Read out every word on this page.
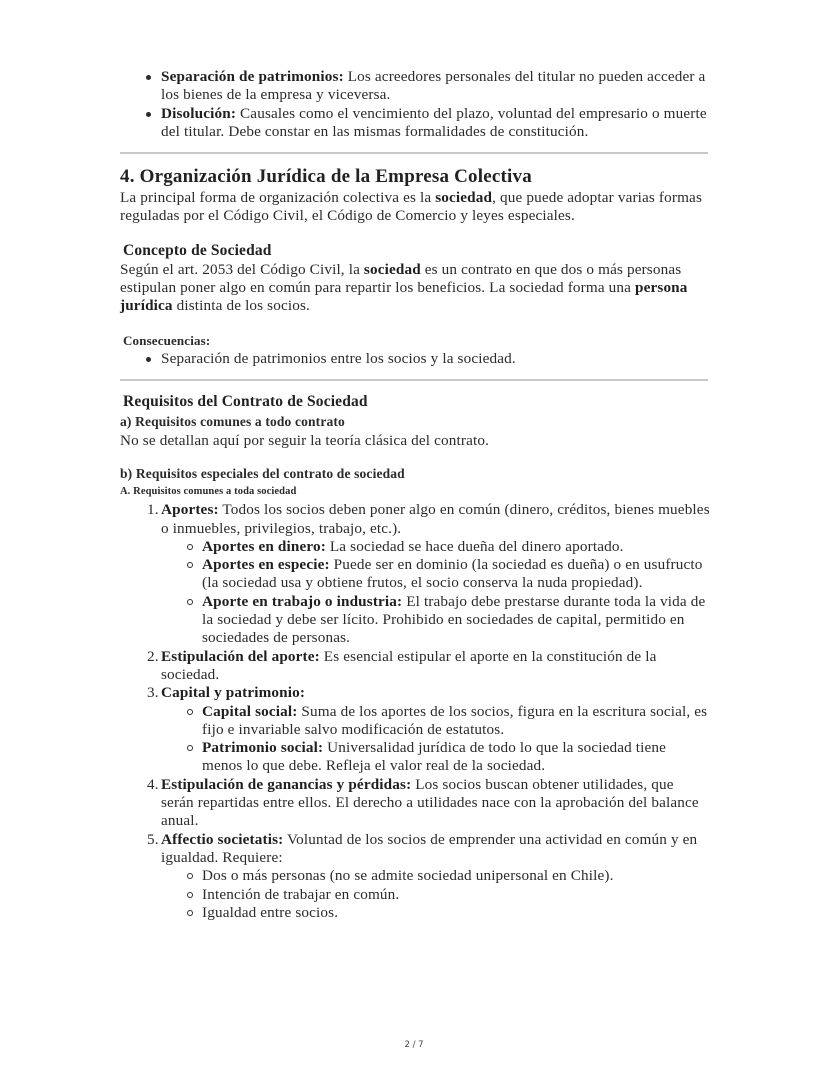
Separación de patrimonios: Los acreedores personales del titular no pueden acceder a los bienes de la empresa y viceversa.
Disolución: Causales como el vencimiento del plazo, voluntad del empresario o muerte del titular. Debe constar en las mismas formalidades de constitución.
4. Organización Jurídica de la Empresa Colectiva

La principal forma de organización colectiva es la sociedad, que puede adoptar varias formas reguladas por el Código Civil, el Código de Comercio y leyes especiales.

Concepto de Sociedad

Según el art. 2053 del Código Civil, la sociedad es un contrato en que dos o más personas estipulan poner algo en común para repartir los beneficios. La sociedad forma una persona jurídica distinta de los socios.

Consecuencias:
Separación de patrimonios entre los socios y la sociedad.
Requisitos del Contrato de Sociedad
a) Requisitos comunes a todo contrato

No se detallan aquí por seguir la teoría clásica del contrato.

b) Requisitos especiales del contrato de sociedad
A. Requisitos comunes a toda sociedad
1. Aportes: Todos los socios deben poner algo en común (dinero, créditos, bienes muebles o inmuebles, privilegios, trabajo, etc.).
Aportes en dinero: La sociedad se hace dueña del dinero aportado.
Aportes en especie: Puede ser en dominio (la sociedad es dueña) o en usufructo (la sociedad usa y obtiene frutos, el socio conserva la nuda propiedad).
Aporte en trabajo o industria: El trabajo debe prestarse durante toda la vida de la sociedad y debe ser lícito. Prohibido en sociedades de capital, permitido en sociedades de personas.
2. Estipulación del aporte: Es esencial estipular el aporte en la constitución de la sociedad.
3. Capital y patrimonio:
Capital social: Suma de los aportes de los socios, figura en la escritura social, es fijo e invariable salvo modificación de estatutos.
Patrimonio social: Universalidad jurídica de todo lo que la sociedad tiene menos lo que debe. Refleja el valor real de la sociedad.
4. Estipulación de ganancias y pérdidas: Los socios buscan obtener utilidades, que serán repartidas entre ellos. El derecho a utilidades nace con la aprobación del balance anual.
5. Affectio societatis: Voluntad de los socios de emprender una actividad en común y en igualdad. Requiere:
Dos o más personas (no se admite sociedad unipersonal en Chile).
Intención de trabajar en común.
Igualdad entre socios.
2 / 7
